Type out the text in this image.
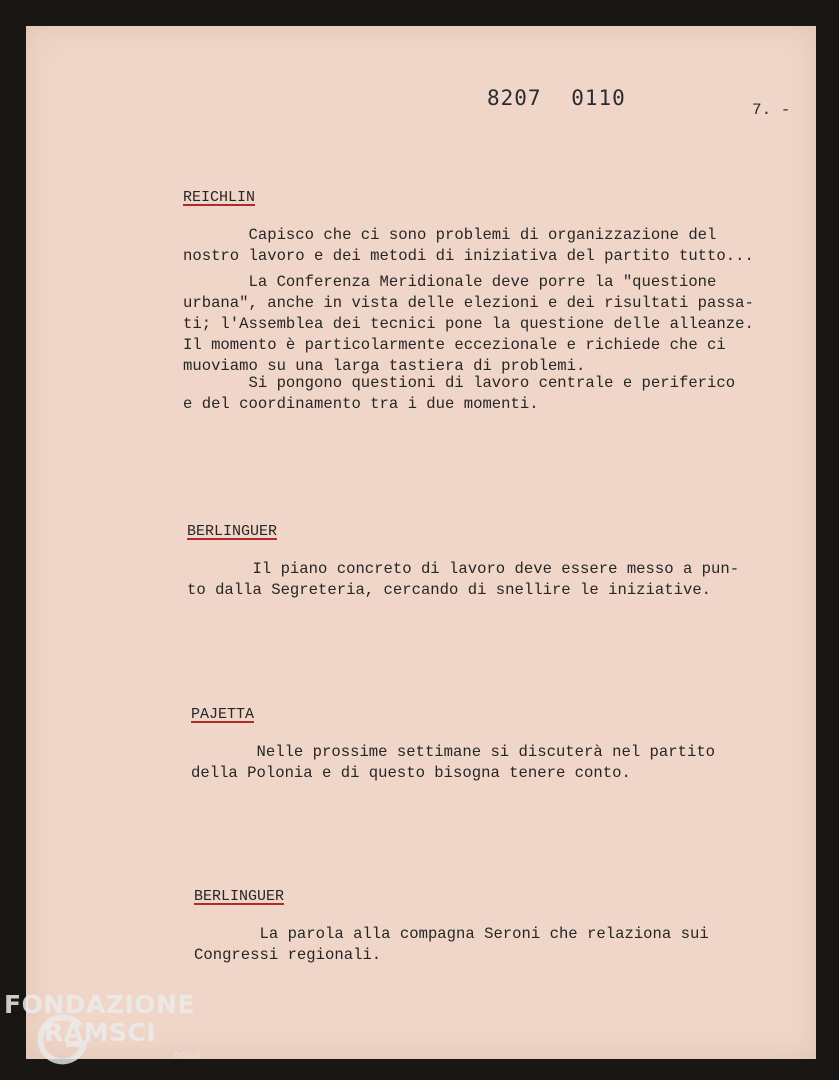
8207 0110	7. -
REICHLIN
Capisco che ci sono problemi di organizzazione del
nostro lavoro e dei metodi di iniziativa del partito tutto...
La Conferenza Meridionale deve porre la "questione
urbana", anche in vista delle elezioni e dei risultati passa-
ti; l'Assemblea dei tecnici pone la questione delle alleanze.
Il momento è particolarmente eccezionale e richiede che ci
muoviamo su una larga tastiera di problemi.
Si pongono questioni di lavoro centrale e periferico
e del coordinamento tra i due momenti.
BERLINGUER
Il piano concreto di lavoro deve essere messo a pun-
to dalla Segreteria, cercando di snellire le iniziative.
PAJETTA
Nelle prossime settimane si discuterà nel partito
della Polonia e di questo bisogna tenere conto.
BERLINGUER
La parola alla compagna Seroni che relaziona sui
Congressi regionali.
FONDAZIONE
RAMSCI
onlus
